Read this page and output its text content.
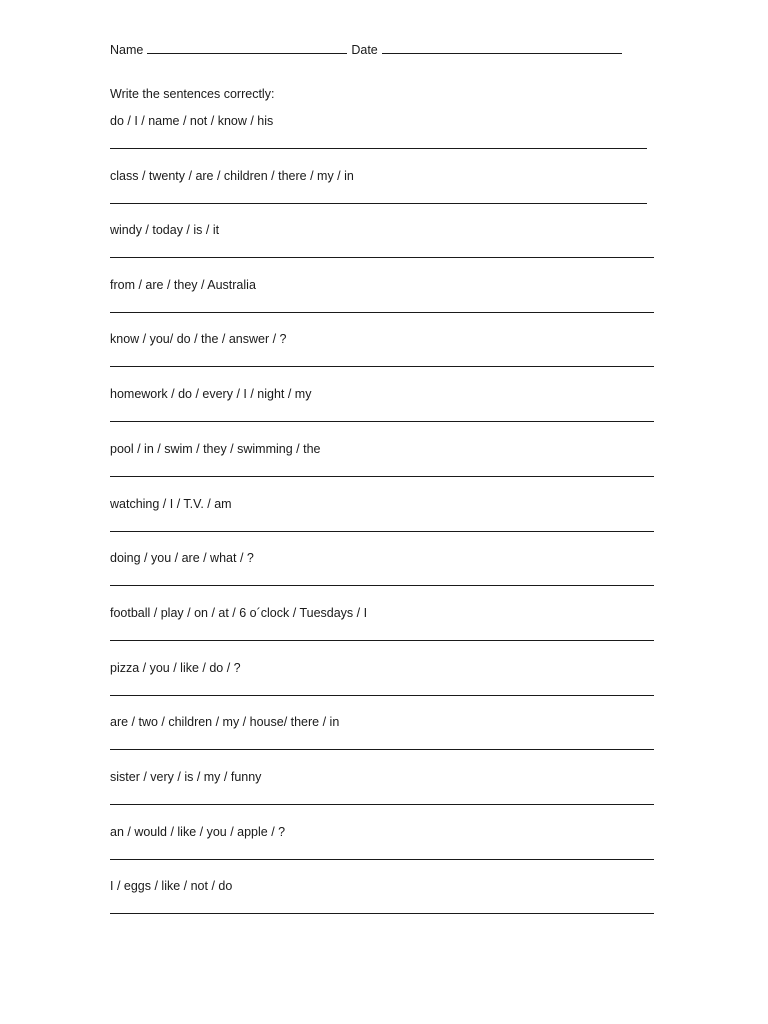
Name	Date
Write the sentences correctly:
do / I / name / not / know / his
class / twenty / are / children / there / my / in
windy / today / is / it
from / are / they / Australia
know / you/ do / the / answer / ?
homework / do / every / I / night / my
pool / in / swim / they / swimming / the
watching / I / T.V. / am
doing / you / are / what / ?
football / play / on / at / 6 o´clock / Tuesdays / I
pizza / you / like / do / ?
are / two / children / my / house/ there / in
sister / very / is / my / funny
an / would / like / you / apple / ?
I / eggs / like / not / do
